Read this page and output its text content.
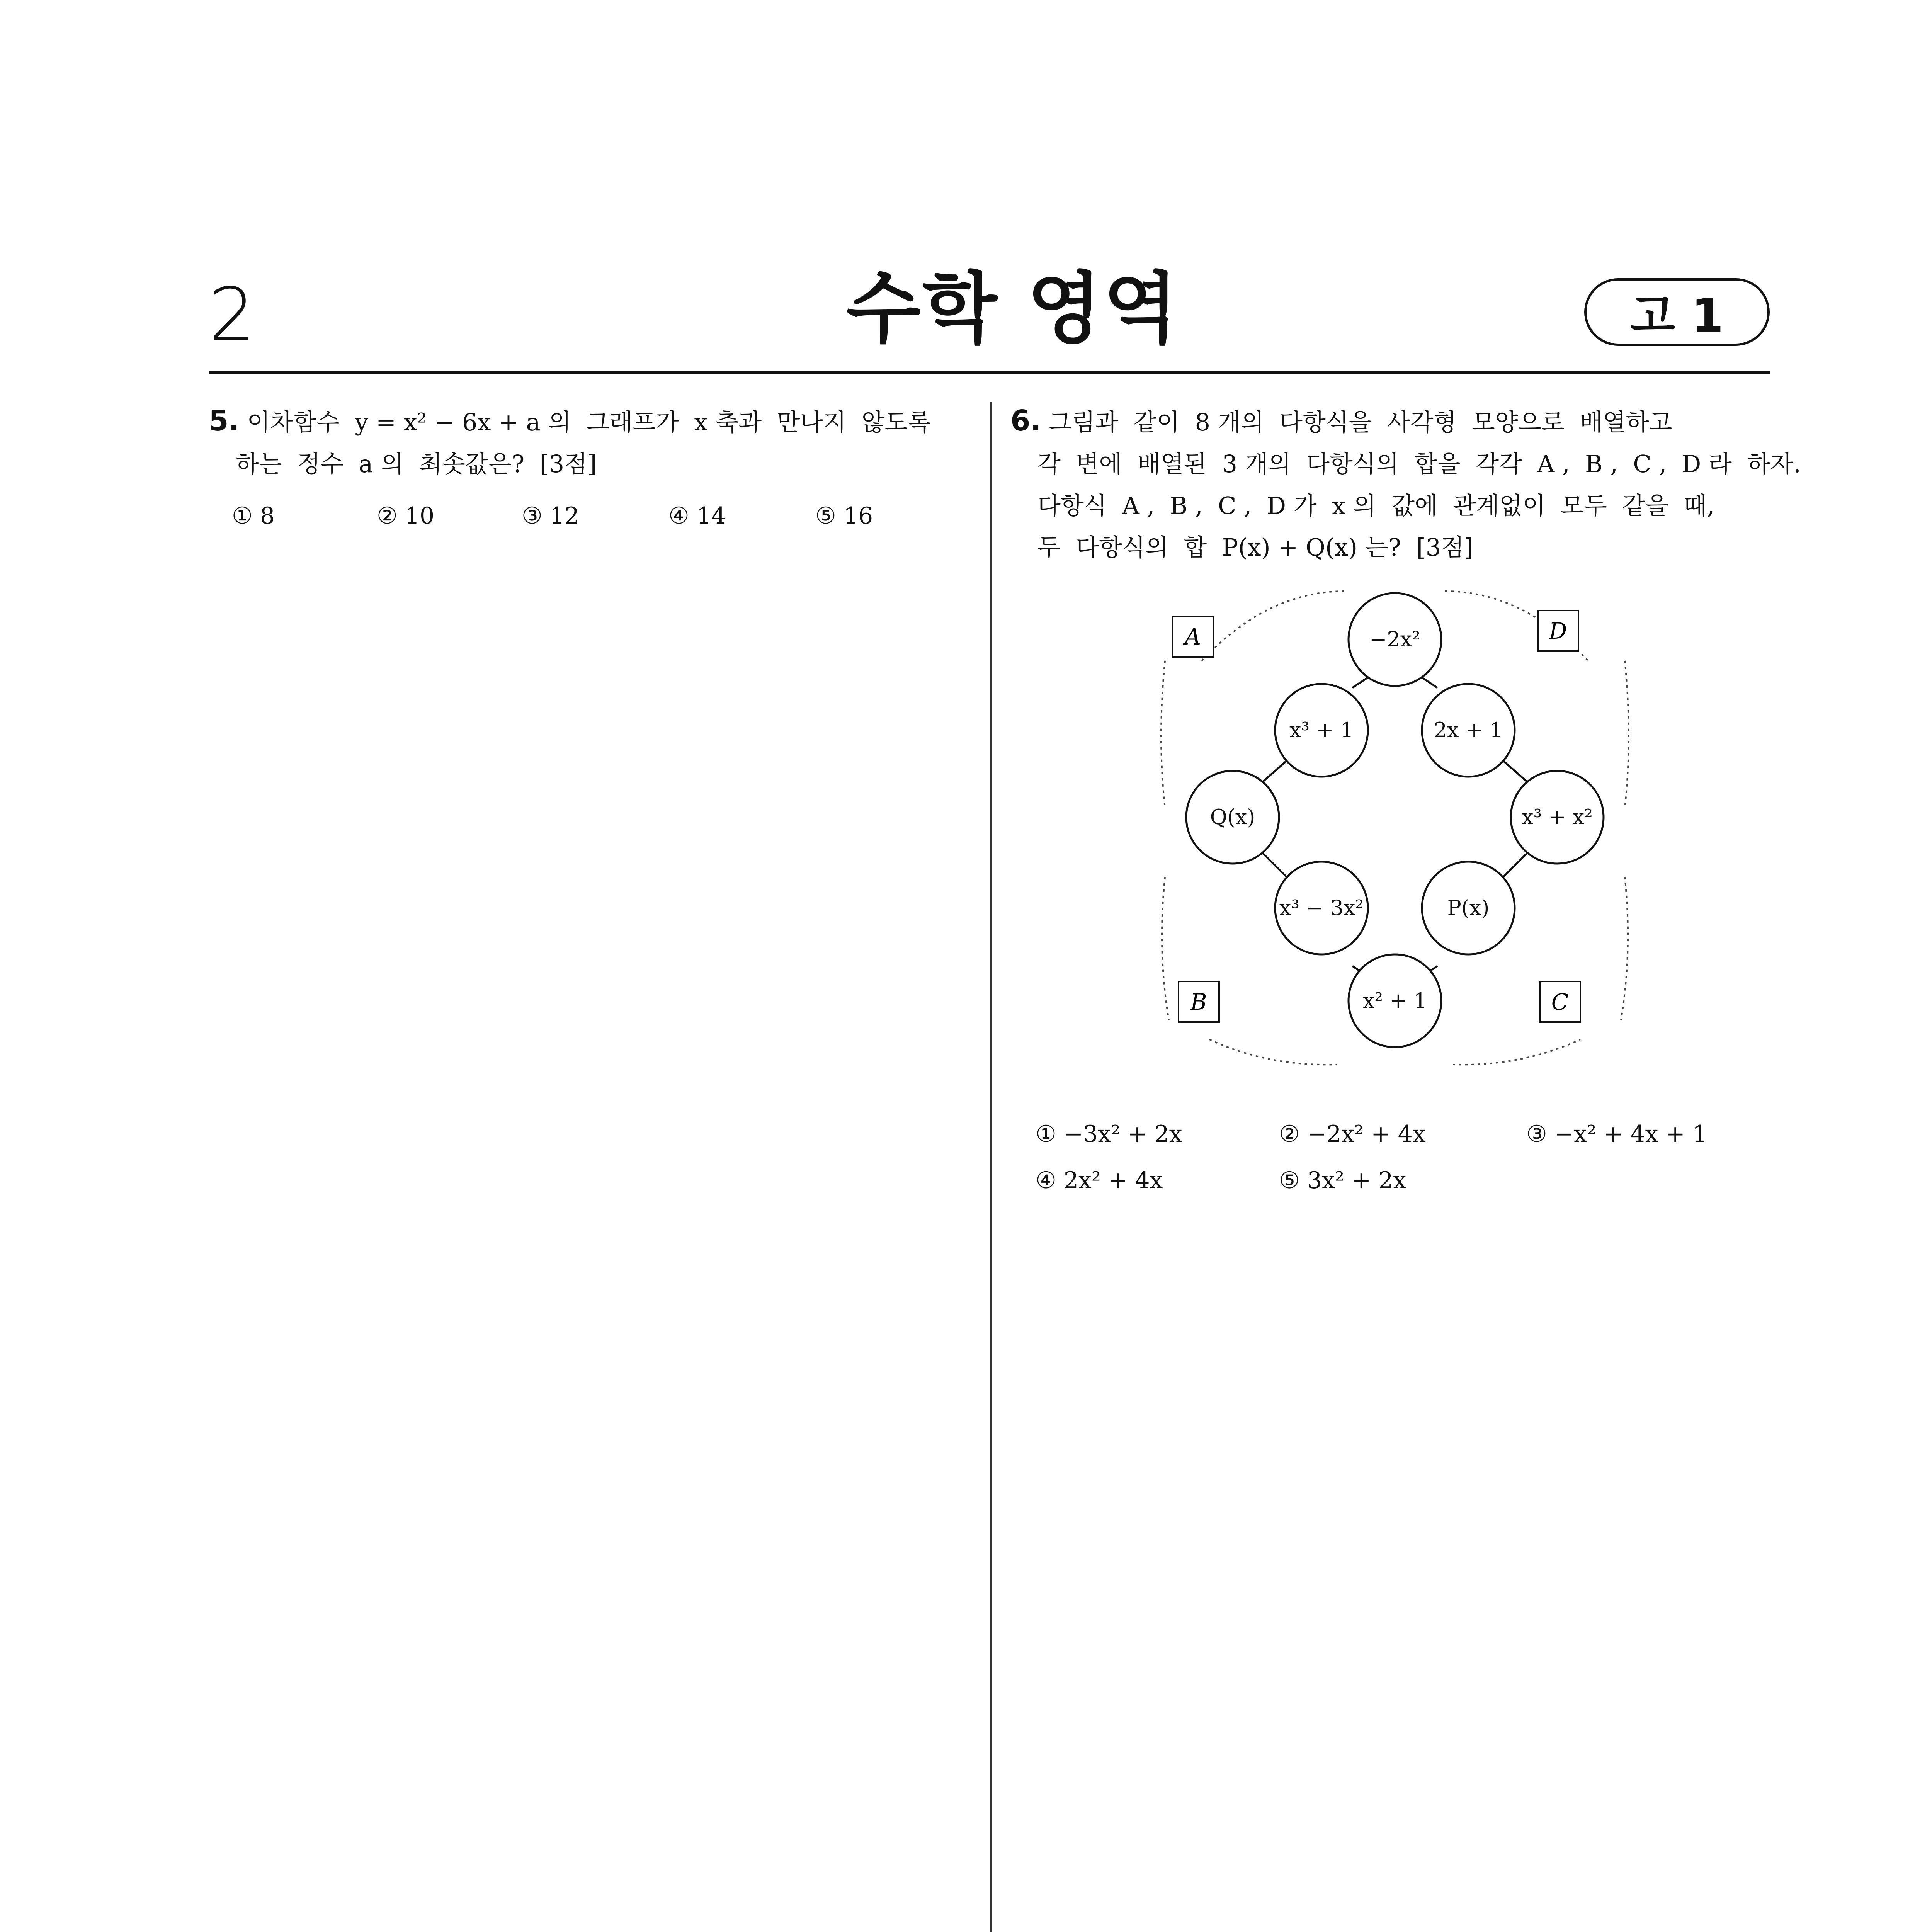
2	수학 영역	고 1
5. 이차함수  y = x² − 6x + a 의  그래프가  x 축과  만나지  않도록
하는  정수  a 의  최솟값은?  [3점]
① 8	② 10	③ 12	④ 14	⑤ 16
6. 그림과  같이  8 개의  다항식을  사각형  모양으로  배열하고
각  변에  배열된  3 개의  다항식의  합을  각각  A ,  B ,  C ,  D 라  하자.
다항식  A ,  B ,  C ,  D 가  x 의  값에  관계없이  모두  같을  때,
두  다항식의  합  P(x) + Q(x) 는?  [3점]
A	D
B	C
−2x²
x³ + 1	2x + 1
Q(x)	x³ + x²
x³ − 3x²	P(x)
x² + 1
① −3x² + 2x	② −2x² + 4x	③ −x² + 4x + 1
④ 2x² + 4x	⑤ 3x² + 2x
